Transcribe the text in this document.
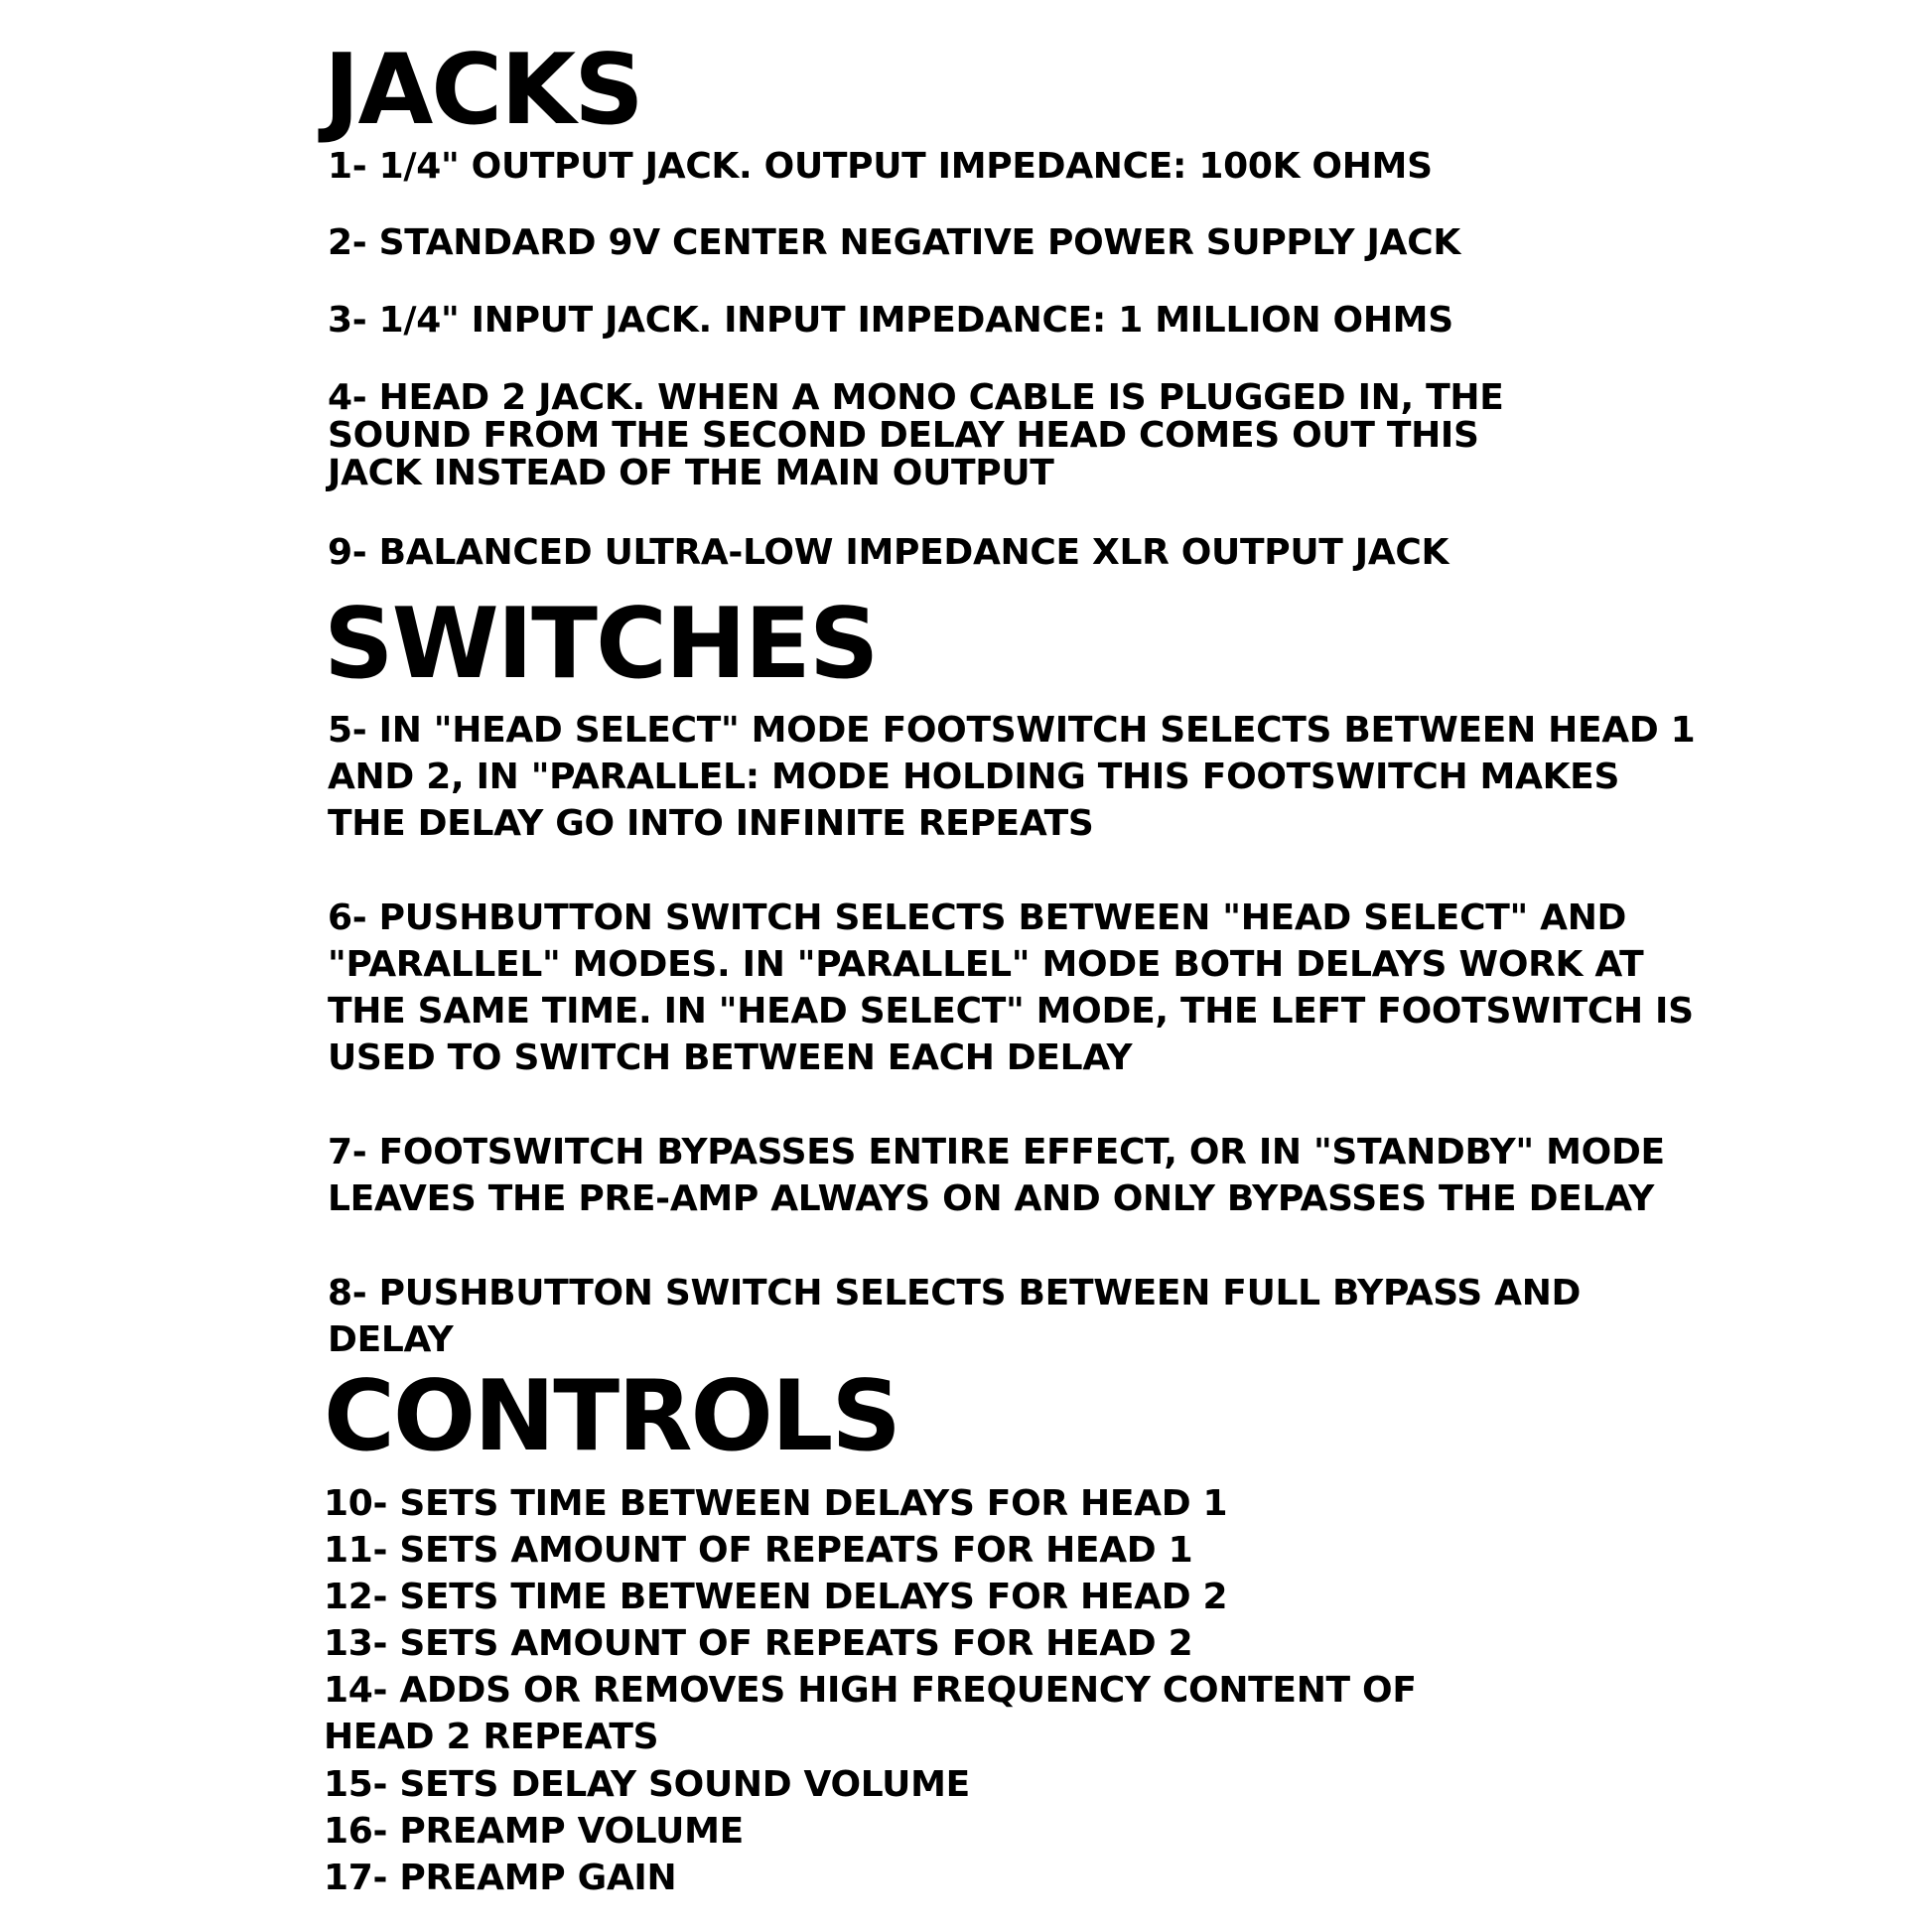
JACKS

1- 1/4" OUTPUT JACK. OUTPUT IMPEDANCE: 100K OHMS

2- STANDARD 9V CENTER NEGATIVE POWER SUPPLY JACK

3- 1/4" INPUT JACK. INPUT IMPEDANCE: 1 MILLION OHMS

4- HEAD 2 JACK. WHEN A MONO CABLE IS PLUGGED IN, THE
SOUND FROM THE SECOND DELAY HEAD COMES OUT THIS
JACK INSTEAD OF THE MAIN OUTPUT

9- BALANCED ULTRA-LOW IMPEDANCE XLR OUTPUT JACK

SWITCHES

5- IN "HEAD SELECT" MODE FOOTSWITCH SELECTS BETWEEN HEAD 1
AND 2, IN "PARALLEL: MODE HOLDING THIS FOOTSWITCH MAKES
THE DELAY GO INTO INFINITE REPEATS

6- PUSHBUTTON SWITCH SELECTS BETWEEN "HEAD SELECT" AND
"PARALLEL" MODES. IN "PARALLEL" MODE BOTH DELAYS WORK AT
THE SAME TIME. IN "HEAD SELECT" MODE, THE LEFT FOOTSWITCH IS
USED TO SWITCH BETWEEN EACH DELAY

7- FOOTSWITCH BYPASSES ENTIRE EFFECT, OR IN "STANDBY" MODE
LEAVES THE PRE-AMP ALWAYS ON AND ONLY BYPASSES THE DELAY

8- PUSHBUTTON SWITCH SELECTS BETWEEN FULL BYPASS AND
DELAY

CONTROLS

10- SETS TIME BETWEEN DELAYS FOR HEAD 1

11- SETS AMOUNT OF REPEATS FOR HEAD 1

12- SETS TIME BETWEEN DELAYS FOR HEAD 2

13- SETS AMOUNT OF REPEATS FOR HEAD 2

14- ADDS OR REMOVES HIGH FREQUENCY CONTENT OF
HEAD 2 REPEATS

15- SETS DELAY SOUND VOLUME

16- PREAMP VOLUME

17- PREAMP GAIN
